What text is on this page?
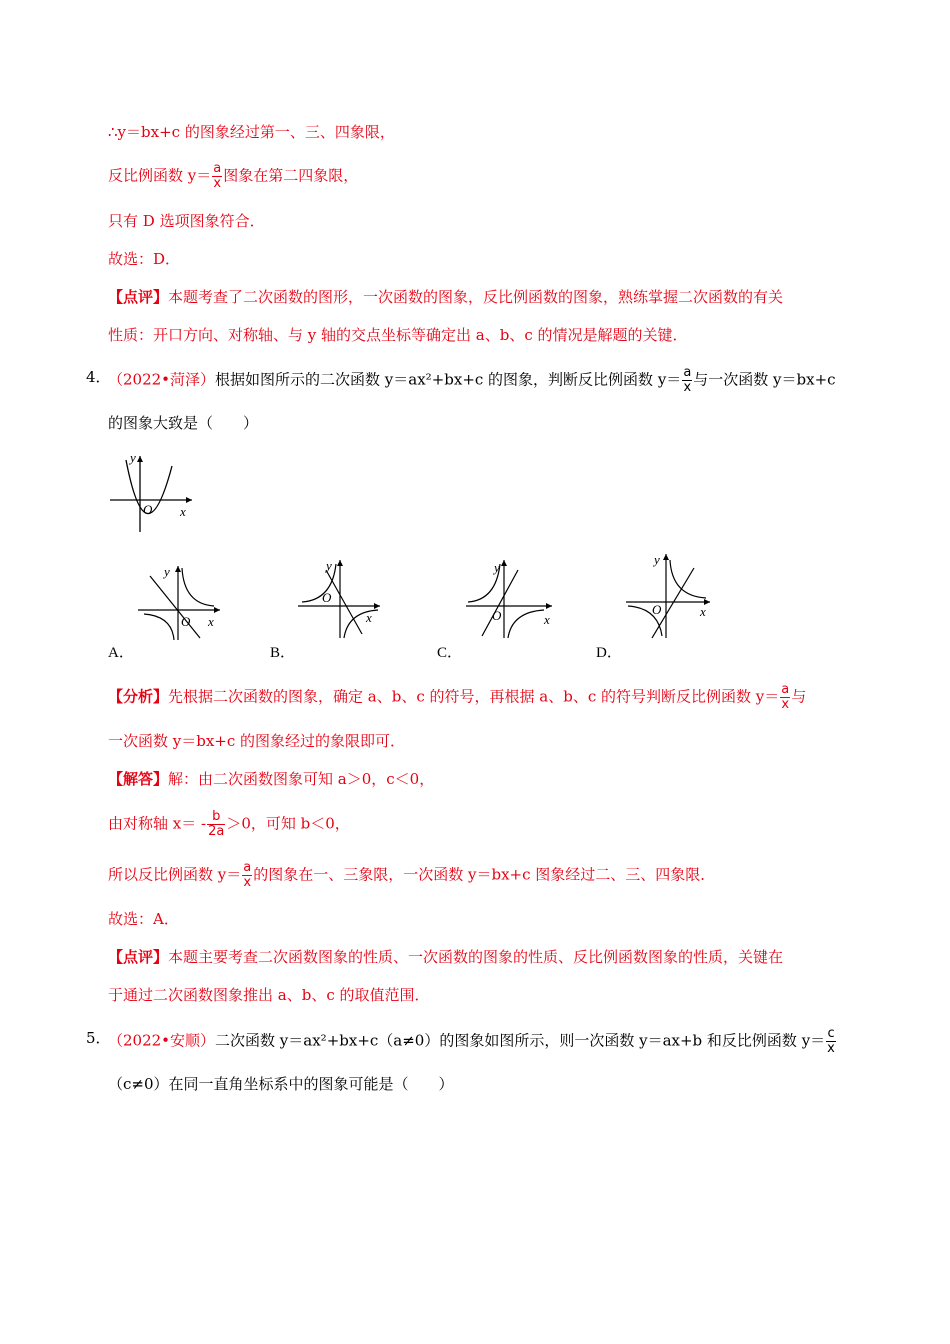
∴y＝bx+c 的图象经过第一、三、四象限，
反比例函数 $y= \frac{a}{x}$ 图象在第二四象限，
只有 D 选项图象符合．
故选：D．
【点评】本题考查了二次函数的图形，一次函数的图象，反比例函数的图象，熟练掌握二次函数的有关
性质：开口方向、对称轴、与 y 轴的交点坐标等确定出 a、b、c 的情况是解题的关键．
4．
（2022•菏泽）根据如图所示的二次函数 y＝ax²+bx+c 的图象，判断反比例函数 $y= \frac{a}{x}$ 与一次函数 y＝bx+c
的图象大致是（　　）
y
x
O
y
x
O
A．
y
x
O
B．
y
x
O
C．
y
x
O
D．
【分析】先根据二次函数的图象，确定 a、b、c 的符号，再根据 a、b、c 的符号判断反比例函数 $y= \frac{a}{x}$ 与
一次函数 y＝bx+c 的图象经过的象限即可．
【解答】解：由二次函数图象可知 a＞0，c＜0，
由对称轴 $x= - \frac{b}{2a} >0$，可知 b＜0，
所以反比例函数 $y= \frac{a}{x}$ 的图象在一、三象限，一次函数 y＝bx+c 图象经过二、三、四象限．
故选：A．
【点评】本题主要考查二次函数图象的性质、一次函数的图象的性质、反比例函数图象的性质，关键在
于通过二次函数图象推出 a、b、c 的取值范围．
5．
（2022•安顺）二次函数 y＝ax²+bx+c（a≠0）的图象如图所示，则一次函数 y＝ax+b 和反比例函数 $y= \frac{c}{x}$
（c≠0）在同一直角坐标系中的图象可能是（　　）
